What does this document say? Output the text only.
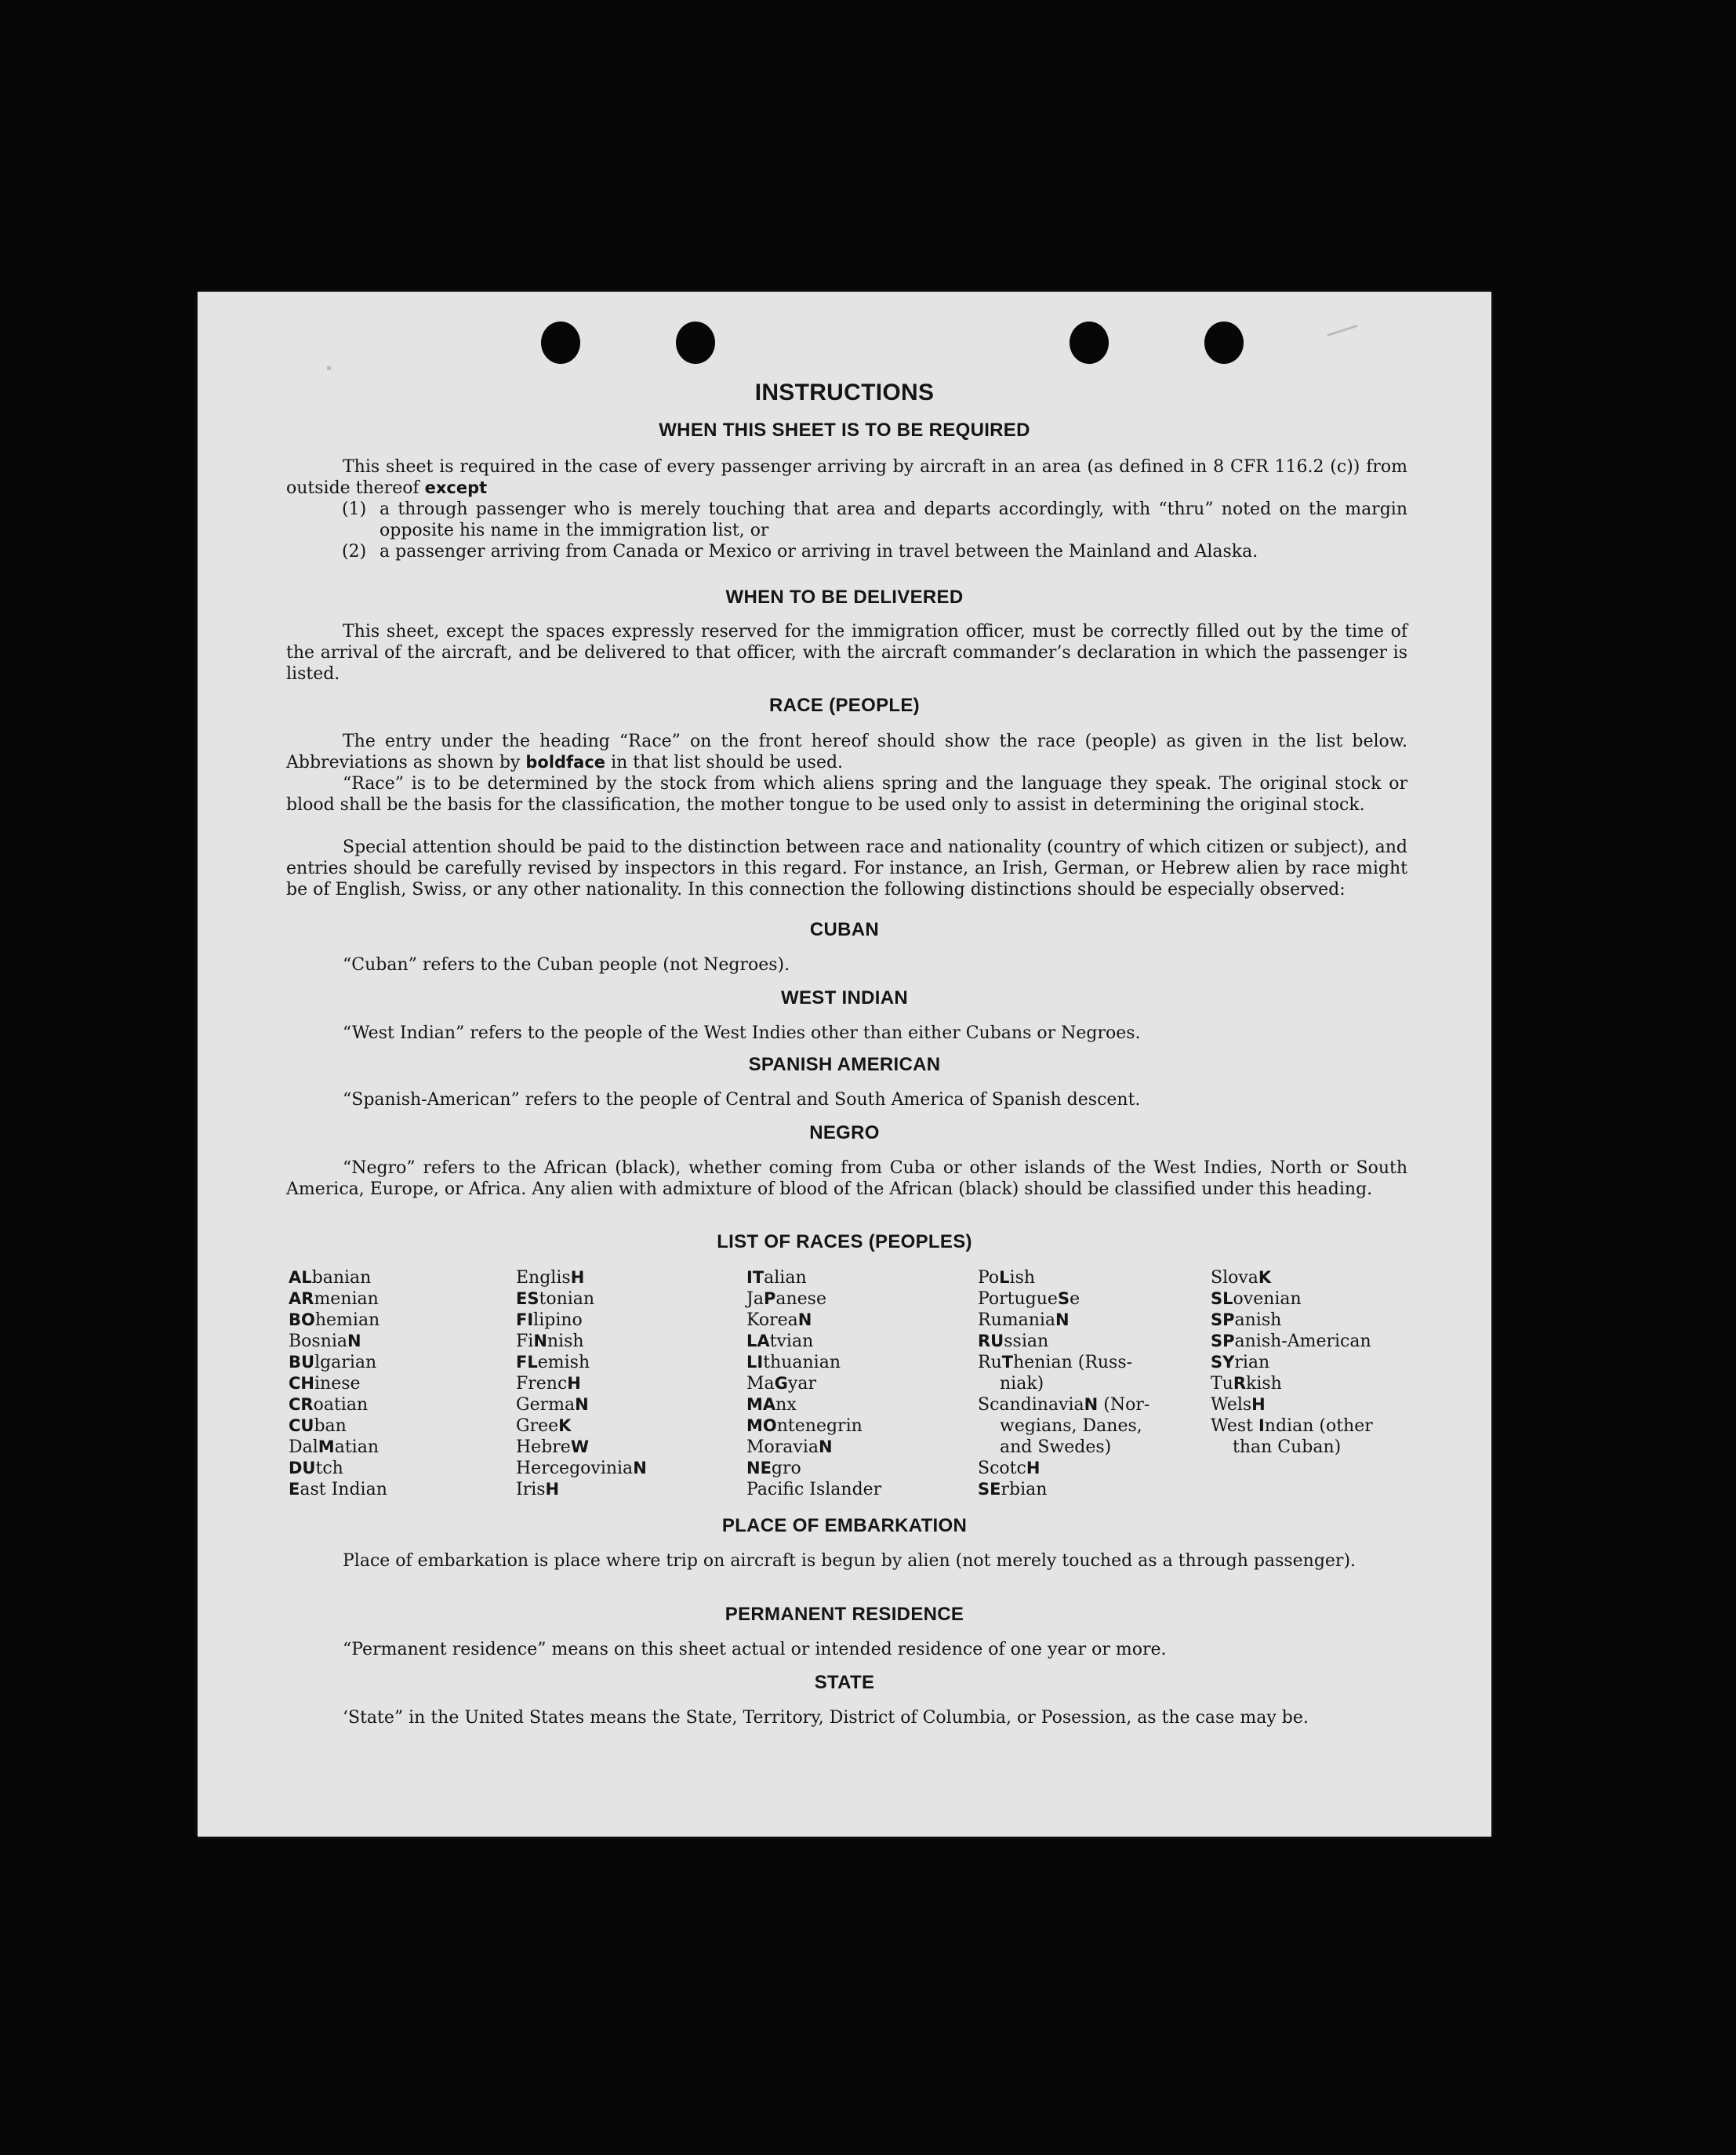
INSTRUCTIONS
WHEN THIS SHEET IS TO BE REQUIRED

This sheet is required in the case of every passenger arriving by aircraft in an area (as defined in 8 CFR 116.2 (c)) from outside thereof except

(1) a through passenger who is merely touching that area and departs accordingly, with “thru” noted on the margin opposite his name in the immigration list, or

(2) a passenger arriving from Canada or Mexico or arriving in travel between the Mainland and Alaska.

WHEN TO BE DELIVERED

This sheet, except the spaces expressly reserved for the immigration officer, must be correctly filled out by the time of the arrival of the aircraft, and be delivered to that officer, with the aircraft commander’s declaration in which the passenger is listed.

RACE (PEOPLE)

The entry under the heading “Race” on the front hereof should show the race (people) as given in the list below. Abbreviations as shown by boldface in that list should be used.

“Race” is to be determined by the stock from which aliens spring and the language they speak. The original stock or blood shall be the basis for the classification, the mother tongue to be used only to assist in determining the original stock.

Special attention should be paid to the distinction between race and nationality (country of which citizen or subject), and entries should be carefully revised by inspectors in this regard. For instance, an Irish, German, or Hebrew alien by race might be of English, Swiss, or any other nationality. In this connection the following distinctions should be especially observed:

CUBAN

“Cuban” refers to the Cuban people (not Negroes).

WEST INDIAN

“West Indian” refers to the people of the West Indies other than either Cubans or Negroes.

SPANISH AMERICAN

“Spanish-American” refers to the people of Central and South America of Spanish descent.

NEGRO

“Negro” refers to the African (black), whether coming from Cuba or other islands of the West Indies, North or South America, Europe, or Africa. Any alien with admixture of blood of the African (black) should be classified under this heading.

LIST OF RACES (PEOPLES)
ALbanian
ARmenian
BOhemian
BosniaN
BUlgarian
CHinese
CRoatian
CUban
DalMatian
DUtch
East Indian
EnglisH
EStonian
FIlipino
FiNnish
FLemish
FrencH
GermaN
GreeK
HebreW
HercegoviniaN
IrisH
ITalian
JaPanese
KoreaN
LAtvian
LIthuanian
MaGyar
MAnx
MOntenegrin
MoraviaN
NEgro
Pacific Islander
PoLish
PortugueSe
RumaniaN
RUssian
RuThenian (Russ-
niak)
ScandinaviaN (Nor-
wegians, Danes,
and Swedes)
ScotcH
SErbian
SlovaK
SLovenian
SPanish
SPanish-American
SYrian
TuRkish
WelsH
West Indian (other
than Cuban)
PLACE OF EMBARKATION

Place of embarkation is place where trip on aircraft is begun by alien (not merely touched as a through passenger).

PERMANENT RESIDENCE

“Permanent residence” means on this sheet actual or intended residence of one year or more.

STATE

‘State” in the United States means the State, Territory, District of Columbia, or Posession, as the case may be.
